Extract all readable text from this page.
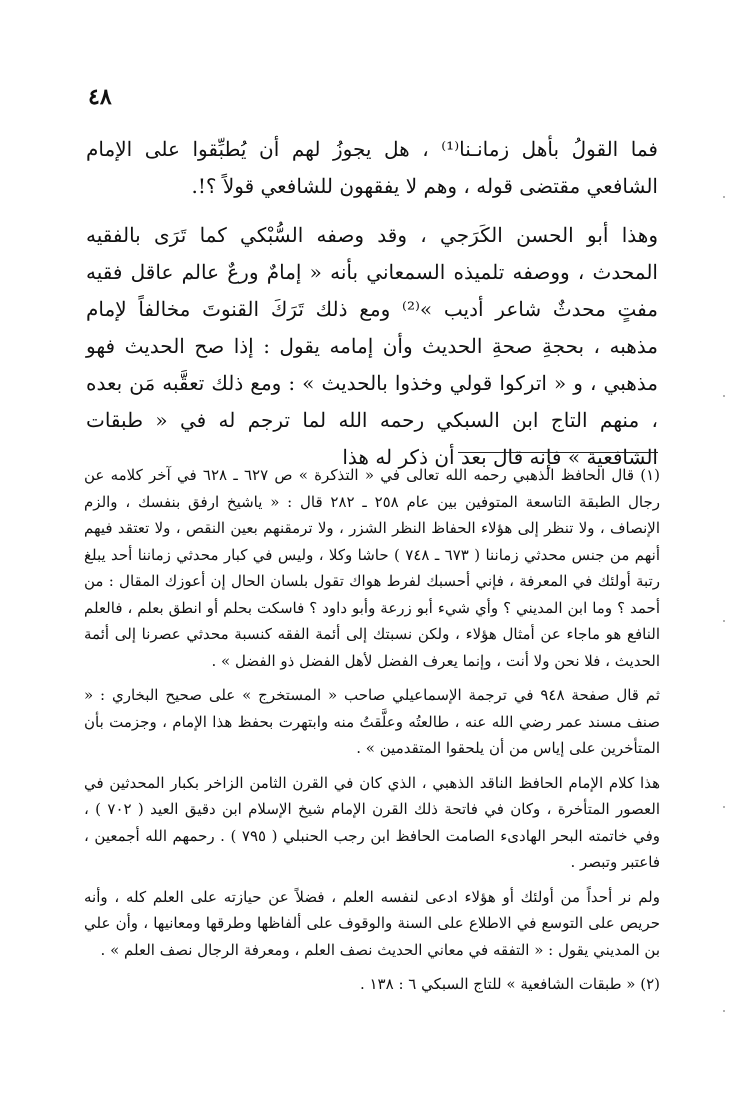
٤٨

فما القولُ بأهل زمانـنا⁽¹⁾ ، هل يجوزُ لهم أن يُطبِّقوا على الإمام الشافعي مقتضى قوله ، وهم لا يفقهون للشافعي قولاً ؟!.

وهذا أبو الحسن الكَرَجي ، وقد وصفه السُّبْكي كما تَرَى بالفقيه المحدث ، ووصفه تلميذه السمعاني بأنه « إمامٌ ورعٌ عالم عاقل فقيه مفتٍ محدثٌ شاعر أديب »⁽²⁾ ومع ذلك تَرَكَ القنوتَ مخالفاً لإمام مذهبه ، بحجةِ صحةِ الحديث وأن إمامه يقول : إذا صح الحديث فهو مذهبي ، و « اتركوا قولي وخذوا بالحديث » : ومع ذلك تعقَّبه مَن بعده ، منهم التاج ابن السبكي رحمه الله لما ترجم له في « طبقات الشافعية » فإنه قال بعد أن ذكر له هذا

(١) قال الحافظ الذهبي رحمه الله تعالى في « التذكرة » ص ٦٢٧ ـ ٦٢٨ في آخر كلامه عن رجال الطبقة التاسعة المتوفين بين عام ٢٥٨ ـ ٢٨٢ قال : « ياشيخ ارفق بنفسك ، والزم الإنصاف ، ولا تنظر إلى هؤلاء الحفاظ النظر الشزر ، ولا ترمقنهم بعين النقص ، ولا تعتقد فيهم أنهم من جنس محدثي زماننا ( ٦٧٣ ـ ٧٤٨ ) حاشا وكلا ، وليس في كبار محدثي زماننا أحد يبلغ رتبة أولئك في المعرفة ، فإني أحسبك لفرط هواك تقول بلسان الحال إن أعوزك المقال : من أحمد ؟ وما ابن المديني ؟ وأي شيء أبو زرعة وأبو داود ؟ فاسكت بحلم أو انطق بعلم ، فالعلم النافع هو ماجاء عن أمثال هؤلاء ، ولكن نسبتك إلى أئمة الفقه كنسبة محدثي عصرنا إلى أئمة الحديث ، فلا نحن ولا أنت ، وإنما يعرف الفضل لأهل الفضل ذو الفضل » .

ثم قال صفحة ٩٤٨ في ترجمة الإسماعيلي صاحب « المستخرج » على صحيح البخاري : « صنف مسند عمر رضي الله عنه ، طالعتُه وعلَّقتُ منه وابتهرت بحفظ هذا الإمام ، وجزمت بأن المتأخرين على إياس من أن يلحقوا المتقدمين » .

هذا كلام الإمام الحافظ الناقد الذهبي ، الذي كان في القرن الثامن الزاخر بكبار المحدثين في العصور المتأخرة ، وكان في فاتحة ذلك القرن الإمام شيخ الإسلام ابن دقيق العيد ( ٧٠٢ ) ، وفي خاتمته البحر الهادىء الصامت الحافظ ابن رجب الحنبلي ( ٧٩٥ ) . رحمهم الله أجمعين ، فاعتبر وتبصر .

ولم نر أحداً من أولئك أو هؤلاء ادعى لنفسه العلم ، فضلاً عن حيازته على العلم كله ، وأنه حريص على التوسع في الاطلاع على السنة والوقوف على ألفاظها وطرقها ومعانيها ، وأن علي بن المديني يقول : « التفقه في معاني الحديث نصف العلم ، ومعرفة الرجال نصف العلم » .

(٢) « طبقات الشافعية » للتاج السبكي ٦ : ١٣٨ .
